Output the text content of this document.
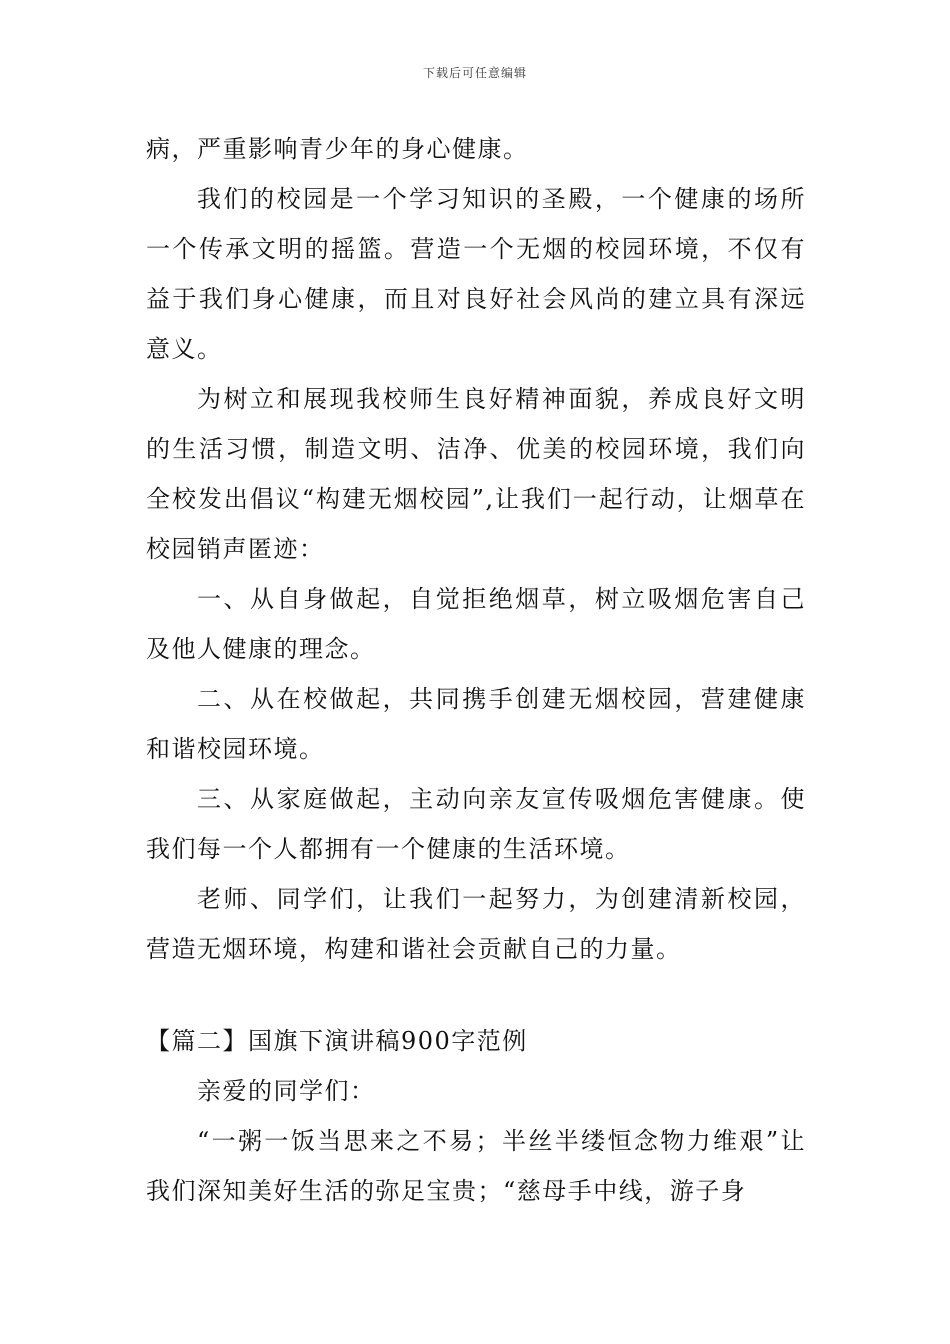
下载后可任意编辑

病，严重影响青少年的身心健康。

我们的校园是一个学习知识的圣殿，一个健康的场所一个传承文明的摇篮。营造一个无烟的校园环境，不仅有益于我们身心健康，而且对良好社会风尚的建立具有深远意义。

为树立和展现我校师生良好精神面貌，养成良好文明的生活习惯，制造文明、洁净、优美的校园环境，我们向全校发出倡议“构建无烟校园”,让我们一起行动，让烟草在校园销声匿迹：

一、从自身做起，自觉拒绝烟草，树立吸烟危害自己及他人健康的理念。

二、从在校做起，共同携手创建无烟校园，营建健康和谐校园环境。

三、从家庭做起，主动向亲友宣传吸烟危害健康。使我们每一个人都拥有一个健康的生活环境。

老师、同学们，让我们一起努力，为创建清新校园，营造无烟环境，构建和谐社会贡献自己的力量。

【篇二】国旗下演讲稿900字范例

亲爱的同学们：

“一粥一饭当思来之不易；半丝半缕恒念物力维艰”让我们深知美好生活的弥足宝贵；“慈母手中线，游子身
